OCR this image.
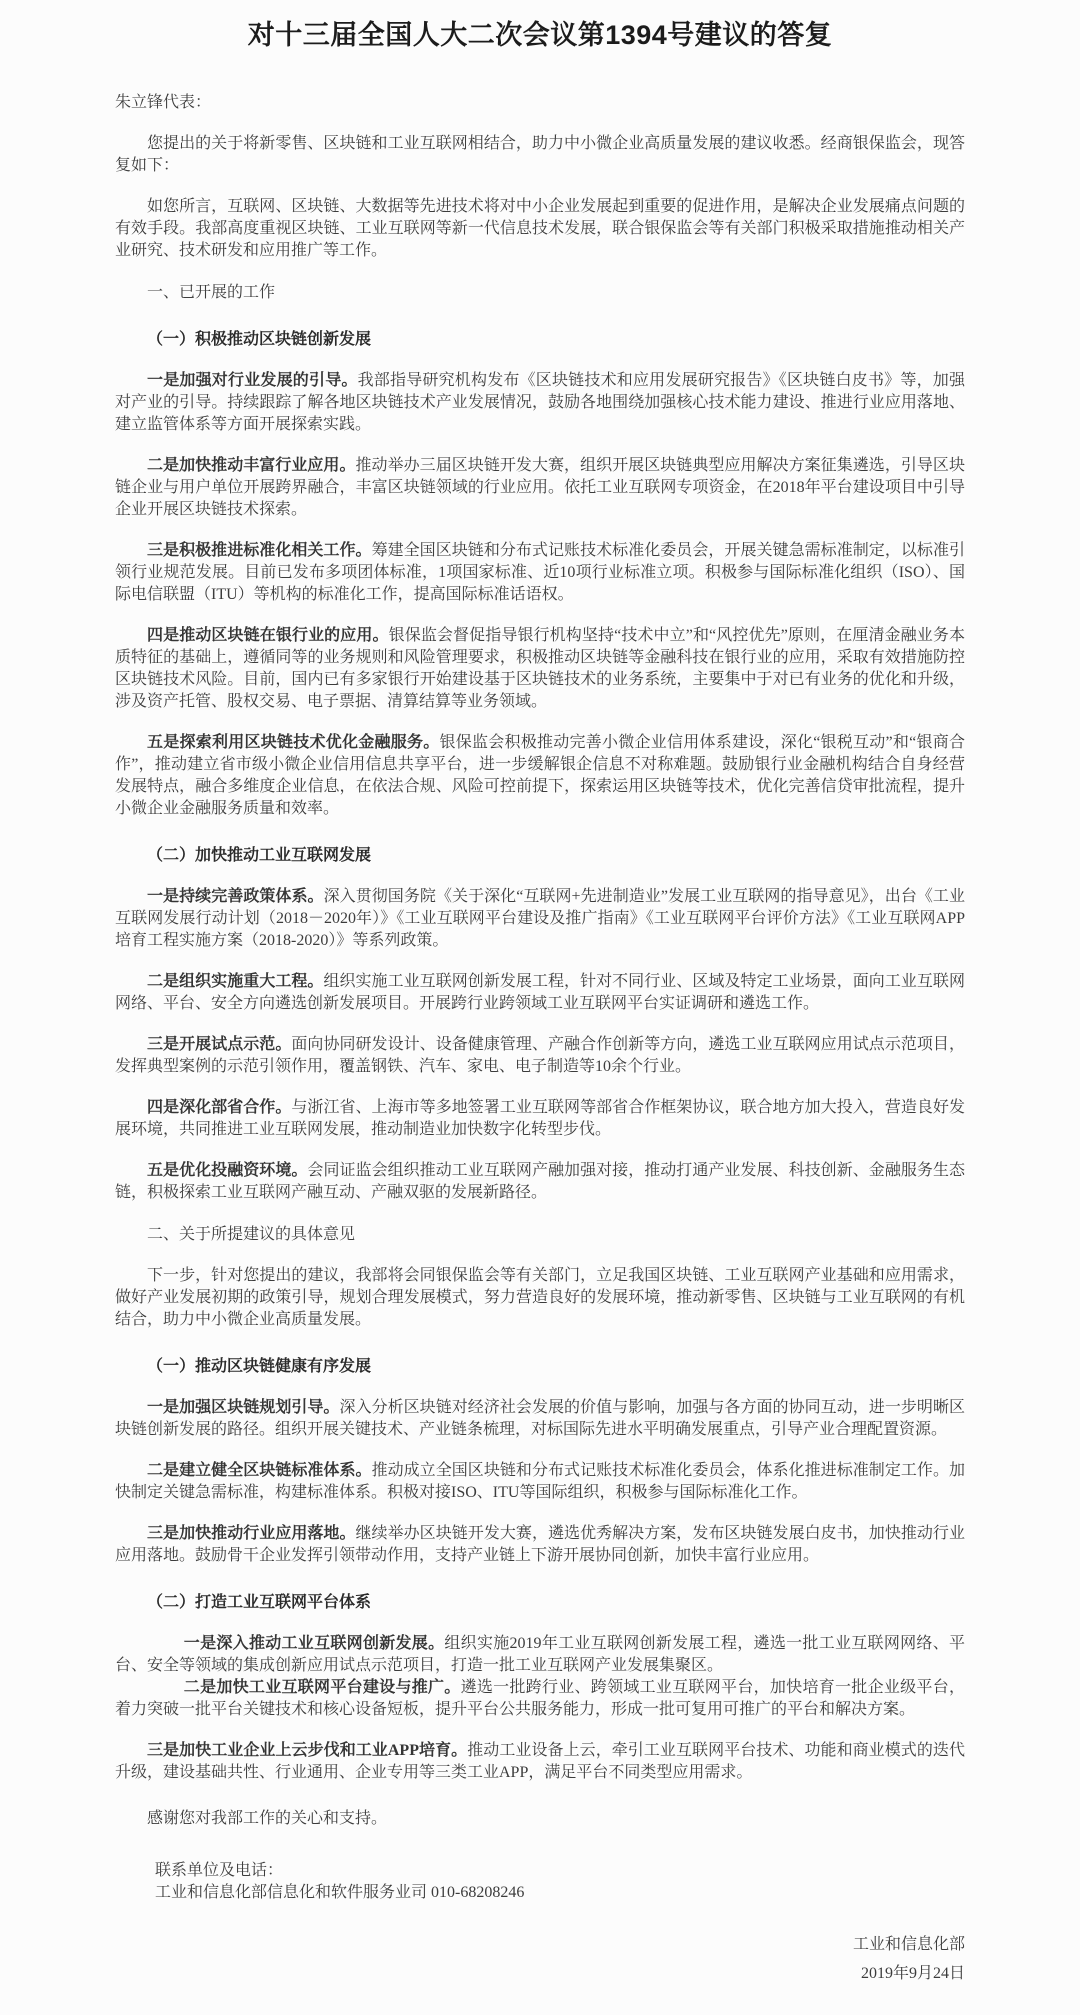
对十三届全国人大二次会议第1394号建议的答复

朱立锋代表：

您提出的关于将新零售、区块链和工业互联网相结合，助力中小微企业高质量发展的建议收悉。经商银保监会，现答复如下：

如您所言，互联网、区块链、大数据等先进技术将对中小企业发展起到重要的促进作用，是解决企业发展痛点问题的有效手段。我部高度重视区块链、工业互联网等新一代信息技术发展，联合银保监会等有关部门积极采取措施推动相关产业研究、技术研发和应用推广等工作。

一、已开展的工作

（一）积极推动区块链创新发展

一是加强对行业发展的引导。我部指导研究机构发布《区块链技术和应用发展研究报告》《区块链白皮书》等，加强对产业的引导。持续跟踪了解各地区块链技术产业发展情况，鼓励各地围绕加强核心技术能力建设、推进行业应用落地、建立监管体系等方面开展探索实践。

二是加快推动丰富行业应用。推动举办三届区块链开发大赛，组织开展区块链典型应用解决方案征集遴选，引导区块链企业与用户单位开展跨界融合，丰富区块链领域的行业应用。依托工业互联网专项资金，在2018年平台建设项目中引导企业开展区块链技术探索。

三是积极推进标准化相关工作。筹建全国区块链和分布式记账技术标准化委员会，开展关键急需标准制定，以标准引领行业规范发展。目前已发布多项团体标准，1项国家标准、近10项行业标准立项。积极参与国际标准化组织（ISO）、国际电信联盟（ITU）等机构的标准化工作，提高国际标准话语权。

四是推动区块链在银行业的应用。银保监会督促指导银行机构坚持“技术中立”和“风控优先”原则，在厘清金融业务本质特征的基础上，遵循同等的业务规则和风险管理要求，积极推动区块链等金融科技在银行业的应用，采取有效措施防控区块链技术风险。目前，国内已有多家银行开始建设基于区块链技术的业务系统，主要集中于对已有业务的优化和升级，涉及资产托管、股权交易、电子票据、清算结算等业务领域。

五是探索利用区块链技术优化金融服务。银保监会积极推动完善小微企业信用体系建设，深化“银税互动”和“银商合作”，推动建立省市级小微企业信用信息共享平台，进一步缓解银企信息不对称难题。鼓励银行业金融机构结合自身经营发展特点，融合多维度企业信息，在依法合规、风险可控前提下，探索运用区块链等技术，优化完善信贷审批流程，提升小微企业金融服务质量和效率。

（二）加快推动工业互联网发展

一是持续完善政策体系。深入贯彻国务院《关于深化“互联网+先进制造业”发展工业互联网的指导意见》，出台《工业互联网发展行动计划（2018－2020年）》《工业互联网平台建设及推广指南》《工业互联网平台评价方法》《工业互联网APP培育工程实施方案（2018-2020）》等系列政策。

二是组织实施重大工程。组织实施工业互联网创新发展工程，针对不同行业、区域及特定工业场景，面向工业互联网网络、平台、安全方向遴选创新发展项目。开展跨行业跨领域工业互联网平台实证调研和遴选工作。

三是开展试点示范。面向协同研发设计、设备健康管理、产融合作创新等方向，遴选工业互联网应用试点示范项目，发挥典型案例的示范引领作用，覆盖钢铁、汽车、家电、电子制造等10余个行业。

四是深化部省合作。与浙江省、上海市等多地签署工业互联网等部省合作框架协议，联合地方加大投入，营造良好发展环境，共同推进工业互联网发展，推动制造业加快数字化转型步伐。

五是优化投融资环境。会同证监会组织推动工业互联网产融加强对接，推动打通产业发展、科技创新、金融服务生态链，积极探索工业互联网产融互动、产融双驱的发展新路径。

二、关于所提建议的具体意见

下一步，针对您提出的建议，我部将会同银保监会等有关部门，立足我国区块链、工业互联网产业基础和应用需求，做好产业发展初期的政策引导，规划合理发展模式，努力营造良好的发展环境，推动新零售、区块链与工业互联网的有机结合，助力中小微企业高质量发展。

（一）推动区块链健康有序发展

一是加强区块链规划引导。深入分析区块链对经济社会发展的价值与影响，加强与各方面的协同互动，进一步明晰区块链创新发展的路径。组织开展关键技术、产业链条梳理，对标国际先进水平明确发展重点，引导产业合理配置资源。

二是建立健全区块链标准体系。推动成立全国区块链和分布式记账技术标准化委员会，体系化推进标准制定工作。加快制定关键急需标准，构建标准体系。积极对接ISO、ITU等国际组织，积极参与国际标准化工作。

三是加快推动行业应用落地。继续举办区块链开发大赛，遴选优秀解决方案，发布区块链发展白皮书，加快推动行业应用落地。鼓励骨干企业发挥引领带动作用，支持产业链上下游开展协同创新，加快丰富行业应用。

（二）打造工业互联网平台体系

一是深入推动工业互联网创新发展。组织实施2019年工业互联网创新发展工程，遴选一批工业互联网网络、平台、安全等领域的集成创新应用试点示范项目，打造一批工业互联网产业发展集聚区。

二是加快工业互联网平台建设与推广。遴选一批跨行业、跨领域工业互联网平台，加快培育一批企业级平台，着力突破一批平台关键技术和核心设备短板，提升平台公共服务能力，形成一批可复用可推广的平台和解决方案。

三是加快工业企业上云步伐和工业APP培育。推动工业设备上云，牵引工业互联网平台技术、功能和商业模式的迭代升级，建设基础共性、行业通用、企业专用等三类工业APP，满足平台不同类型应用需求。

感谢您对我部工作的关心和支持。

联系单位及电话：

工业和信息化部信息化和软件服务业司 010-68208246

工业和信息化部

2019年9月24日
